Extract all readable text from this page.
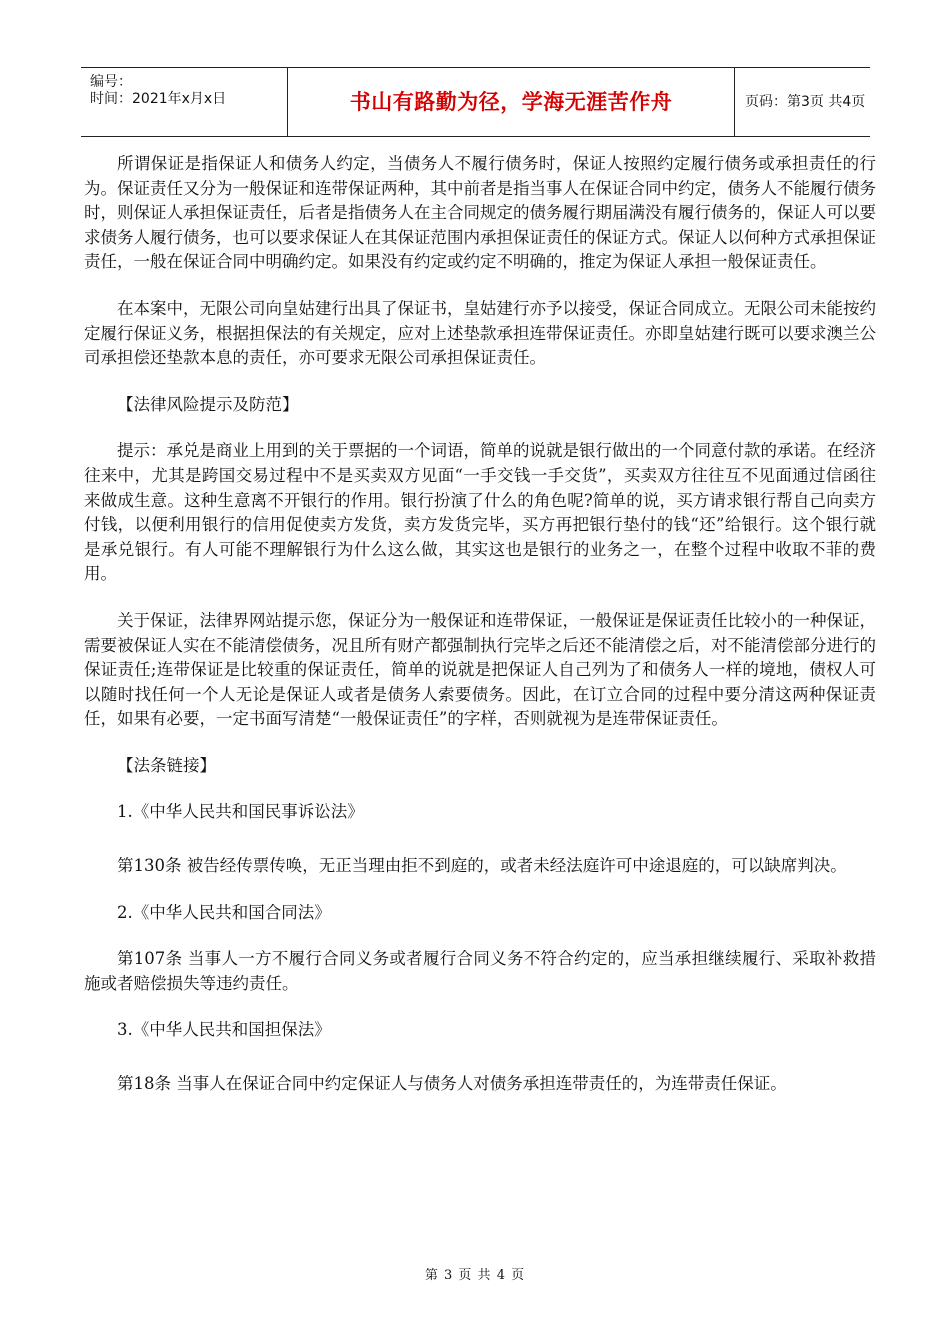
编号：
时间：2021年x月x日	书山有路勤为径，学海无涯苦作舟	页码：第3页 共4页

所谓保证是指保证人和债务人约定，当债务人不履行债务时，保证人按照约定履行债务或承担责任的行为。保证责任又分为一般保证和连带保证两种，其中前者是指当事人在保证合同中约定，债务人不能履行债务时，则保证人承担保证责任，后者是指债务人在主合同规定的债务履行期届满没有履行债务的，保证人可以要求债务人履行债务，也可以要求保证人在其保证范围内承担保证责任的保证方式。保证人以何种方式承担保证责任，一般在保证合同中明确约定。如果没有约定或约定不明确的，推定为保证人承担一般保证责任。

在本案中，无限公司向皇姑建行出具了保证书，皇姑建行亦予以接受，保证合同成立。无限公司未能按约定履行保证义务，根据担保法的有关规定，应对上述垫款承担连带保证责任。亦即皇姑建行既可以要求澳兰公司承担偿还垫款本息的责任，亦可要求无限公司承担保证责任。

【法律风险提示及防范】

提示：承兑是商业上用到的关于票据的一个词语，简单的说就是银行做出的一个同意付款的承诺。在经济往来中，尤其是跨国交易过程中不是买卖双方见面“一手交钱一手交货”，买卖双方往往互不见面通过信函往来做成生意。这种生意离不开银行的作用。银行扮演了什么的角色呢?简单的说，买方请求银行帮自己向卖方付钱，以便利用银行的信用促使卖方发货，卖方发货完毕，买方再把银行垫付的钱“还”给银行。这个银行就是承兑银行。有人可能不理解银行为什么这么做，其实这也是银行的业务之一，在整个过程中收取不菲的费用。

关于保证，法律界网站提示您，保证分为一般保证和连带保证，一般保证是保证责任比较小的一种保证，需要被保证人实在不能清偿债务，况且所有财产都强制执行完毕之后还不能清偿之后，对不能清偿部分进行的保证责任;连带保证是比较重的保证责任，简单的说就是把保证人自己列为了和债务人一样的境地，债权人可以随时找任何一个人无论是保证人或者是债务人索要债务。因此，在订立合同的过程中要分清这两种保证责任，如果有必要，一定书面写清楚“一般保证责任”的字样，否则就视为是连带保证责任。

【法条链接】

1.《中华人民共和国民事诉讼法》

第130条 被告经传票传唤，无正当理由拒不到庭的，或者未经法庭许可中途退庭的，可以缺席判决。

2.《中华人民共和国合同法》

第107条 当事人一方不履行合同义务或者履行合同义务不符合约定的，应当承担继续履行、采取补救措施或者赔偿损失等违约责任。

3.《中华人民共和国担保法》

第18条 当事人在保证合同中约定保证人与债务人对债务承担连带责任的，为连带责任保证。

第 3 页 共 4 页
